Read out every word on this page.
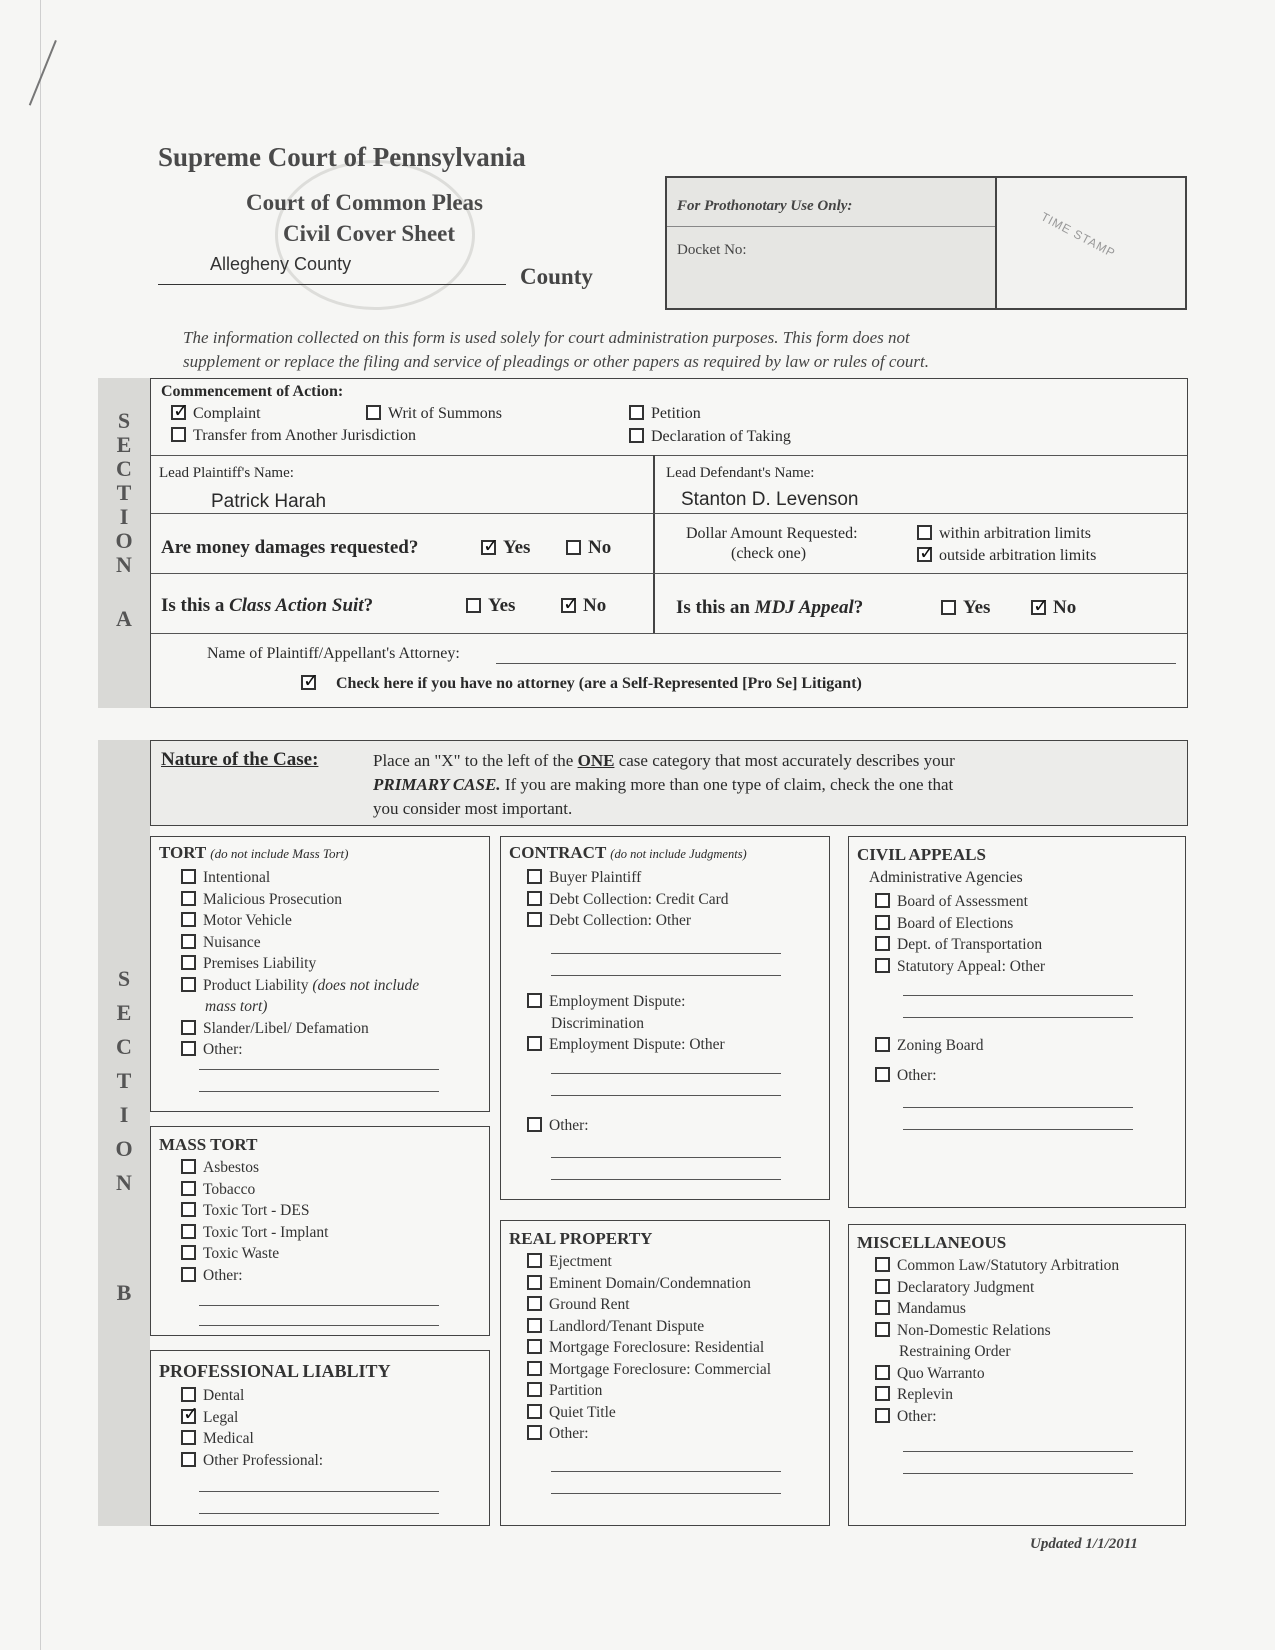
Supreme Court of Pennsylvania
Court of Common Pleas
Civil Cover Sheet
Allegheny County	County
For Prothonotary Use Only:
Docket No:	TIME STAMP
The information collected on this form is used solely for court administration purposes. This form does not
supplement or replace the filing and service of pleadings or other papers as required by law or rules of court.
S
E
C
T
I
O
N
A
Commencement of Action:
✓Complaint	Writ of Summons
Transfer from Another Jurisdiction
Petition
Declaration of Taking
Lead Plaintiff's Name:
Patrick Harah
Lead Defendant's Name:
Stanton D. Levenson
Are money damages requested? ✓	Yes	No
Dollar Amount Requested:
(check one)
within arbitration limits
✓outside arbitration limits
Is this a Class Action Suit?	Yes ✓	No	Is this an MDJ Appeal?	Yes ✓	No
Name of Plaintiff/Appellant's Attorney:
✓Check here if you have no attorney (are a Self-Represented [Pro Se] Litigant)
S
E
C
T
I
O
N
B
Nature of the Case:	Place an "X" to the left of the ONE case category that most accurately describes your
PRIMARY CASE. If you are making more than one type of claim, check the one that
you consider most important.
TORT (do not include Mass Tort)
Intentional
Malicious Prosecution
Motor Vehicle
Nuisance
Premises Liability
Product Liability (does not include
mass tort)
Slander/Libel/ Defamation
Other:
MASS TORT
Asbestos
Tobacco
Toxic Tort - DES
Toxic Tort - Implant
Toxic Waste
Other:
PROFESSIONAL LIABLITY
Dental
✓Legal
Medical
Other Professional:
CONTRACT (do not include Judgments)
Buyer Plaintiff
Debt Collection: Credit Card
Debt Collection: Other
Employment Dispute:
Discrimination
Employment Dispute: Other
Other:
REAL PROPERTY
Ejectment
Eminent Domain/Condemnation
Ground Rent
Landlord/Tenant Dispute
Mortgage Foreclosure: Residential
Mortgage Foreclosure: Commercial
Partition
Quiet Title
Other:
CIVIL APPEALS
Administrative Agencies
Board of Assessment
Board of Elections
Dept. of Transportation
Statutory Appeal: Other
Zoning Board
Other:
MISCELLANEOUS
Common Law/Statutory Arbitration
Declaratory Judgment
Mandamus
Non-Domestic Relations
Restraining Order
Quo Warranto
Replevin
Other:
Updated 1/1/2011
